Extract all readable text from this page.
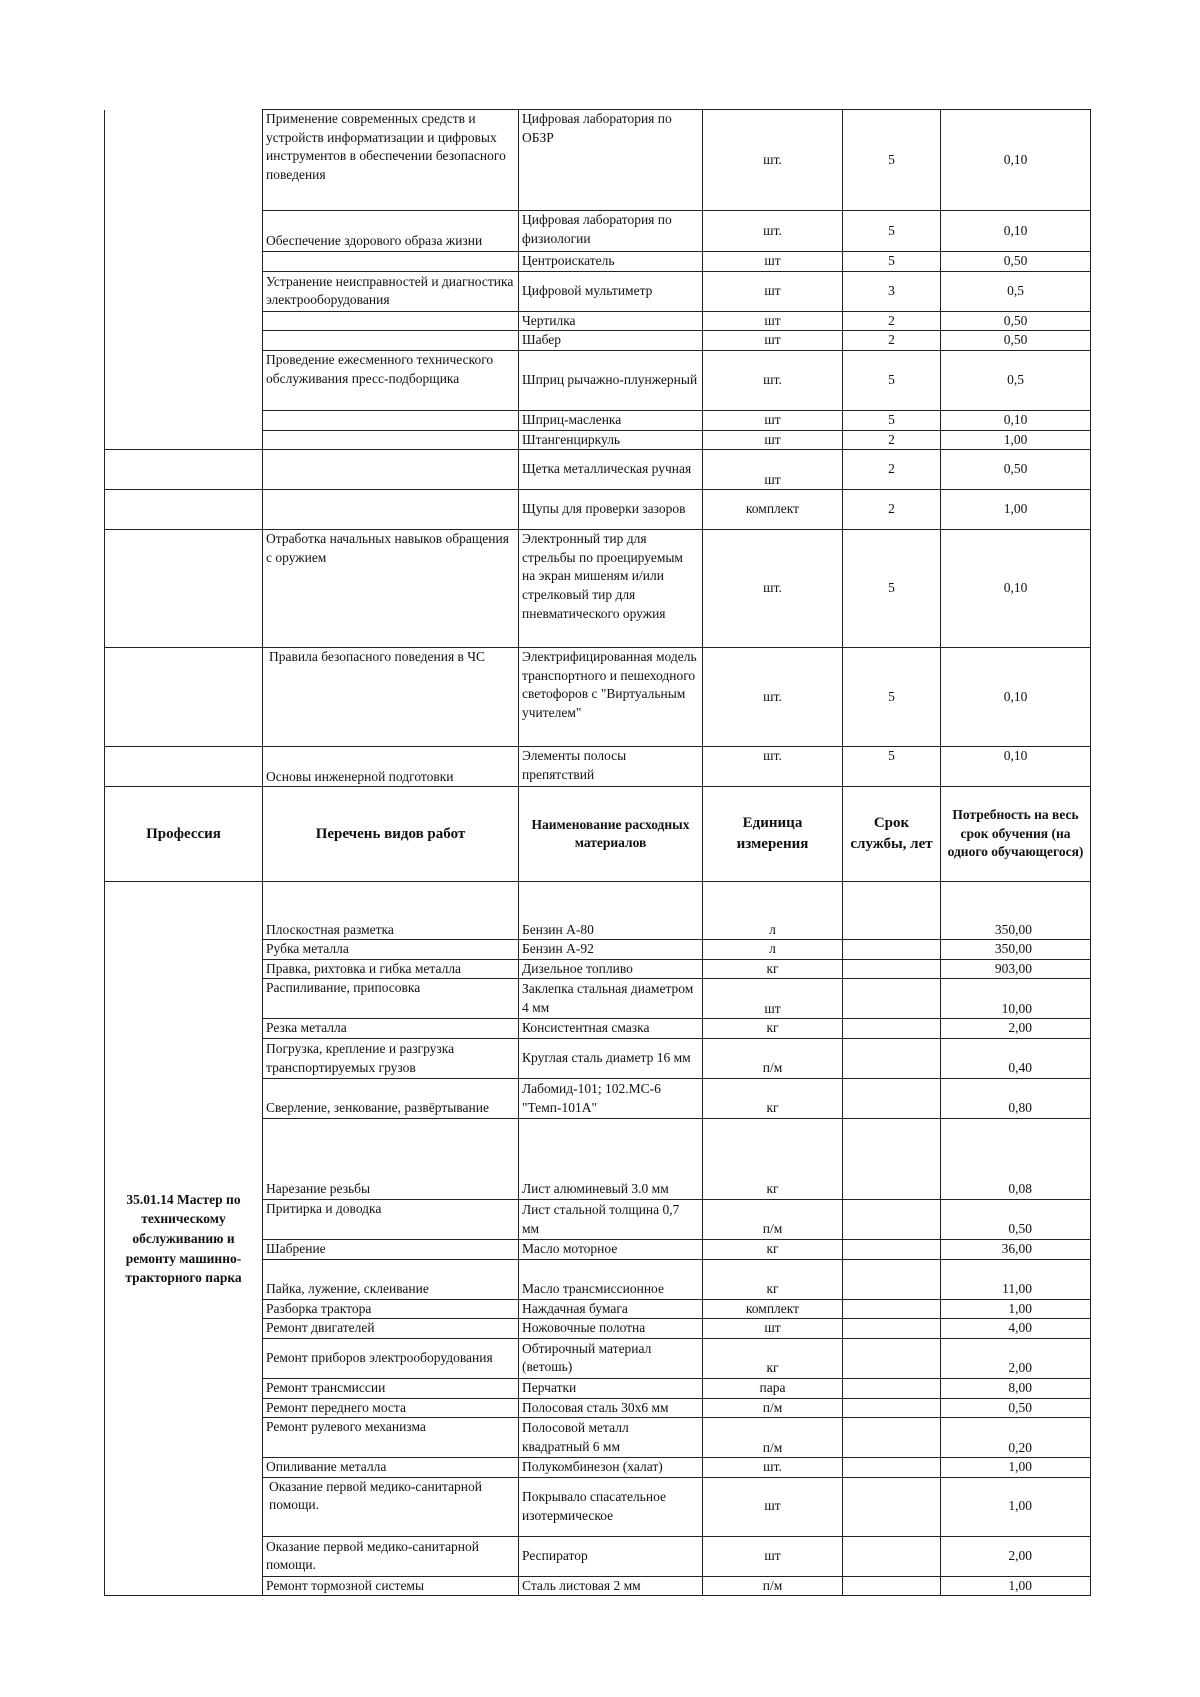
	Применение современных средств и устройств информатизации и цифровых инструментов в обеспечении безопасного поведения	Цифровая лаборатория по ОБЗР	шт.	5	0,10
	Обеспечение здорового образа жизни	Цифровая лаборатория по физиологии	шт.	5	0,10
		Центроискатель	шт	5	0,50
	Устранение неисправностей и диагностика электрооборудования	Цифровой мультиметр	шт	3	0,5
		Чертилка	шт	2	0,50
		Шабер	шт	2	0,50
	Проведение ежесменного технического обслуживания пресс-подборщика	Шприц рычажно-плунжерный	шт.	5	0,5
		Шприц-масленка	шт	5	0,10
		Штангенциркуль	шт	2	1,00
		Щетка металлическая ручная	шт	2	0,50
		Щупы для проверки зазоров	комплект	2	1,00
	Отработка начальных навыков обращения с оружием	Электронный тир для стрельбы по проецируемым на экран мишеням и/или стрелковый тир для пневматического оружия	шт.	5	0,10
	Правила безопасного поведения в ЧС	Электрифицированная модель транспортного и пешеходного светофоров с "Виртуальным учителем"	шт.	5	0,10
	Основы инженерной подготовки	Элементы полосы препятствий	шт.	5	0,10
Профессия	Перечень видов работ	Наименование расходных материалов	Единица измерения	Срок службы, лет	Потребность на весь срок обучения (на одного обучающегося)

35.01.14 Мастер по техническому обслуживанию и ремонту машинно-тракторного парка	Плоскостная разметка	Бензин А-80	л		350,00
	Рубка металла	Бензин А-92	л		350,00
	Правка, рихтовка и гибка металла	Дизельное топливо	кг		903,00
	Распиливание, припосовка	Заклепка стальная диаметром 4 мм	шт		10,00
	Резка металла	Консистентная смазка	кг		2,00
	Погрузка, крепление и разгрузка транспортируемых грузов	Круглая сталь диаметр 16 мм	п/м		0,40
	Сверление, зенкование, развёртывание	Лабомид-101; 102.МС-6 "Темп-101А"	кг		0,80
	Нарезание резьбы	Лист алюминевый 3.0 мм	кг		0,08
	Притирка и доводка	Лист стальной толщина 0,7 мм	п/м		0,50
	Шабрение	Масло моторное	кг		36,00
	Пайка, лужение, склеивание	Масло трансмиссионное	кг		11,00
	Разборка трактора	Наждачная бумага	комплект		1,00
	Ремонт двигателей	Ножовочные полотна	шт		4,00
	Ремонт приборов электрооборудования	Обтирочный материал (ветошь)	кг		2,00
	Ремонт трансмиссии	Перчатки	пара		8,00
	Ремонт переднего моста	Полосовая сталь 30х6 мм	п/м		0,50
	Ремонт рулевого механизма	Полосовой металл квадратный 6 мм	п/м		0,20
	Опиливание металла	Полукомбинезон (халат)	шт.		1,00
	Оказание первой медико-санитарной помощи.	Покрывало спасательное изотермическое	шт		1,00
	Оказание первой медико-санитарной помощи.	Респиратор	шт		2,00
	Ремонт тормозной системы	Сталь листовая 2 мм	п/м		1,00
